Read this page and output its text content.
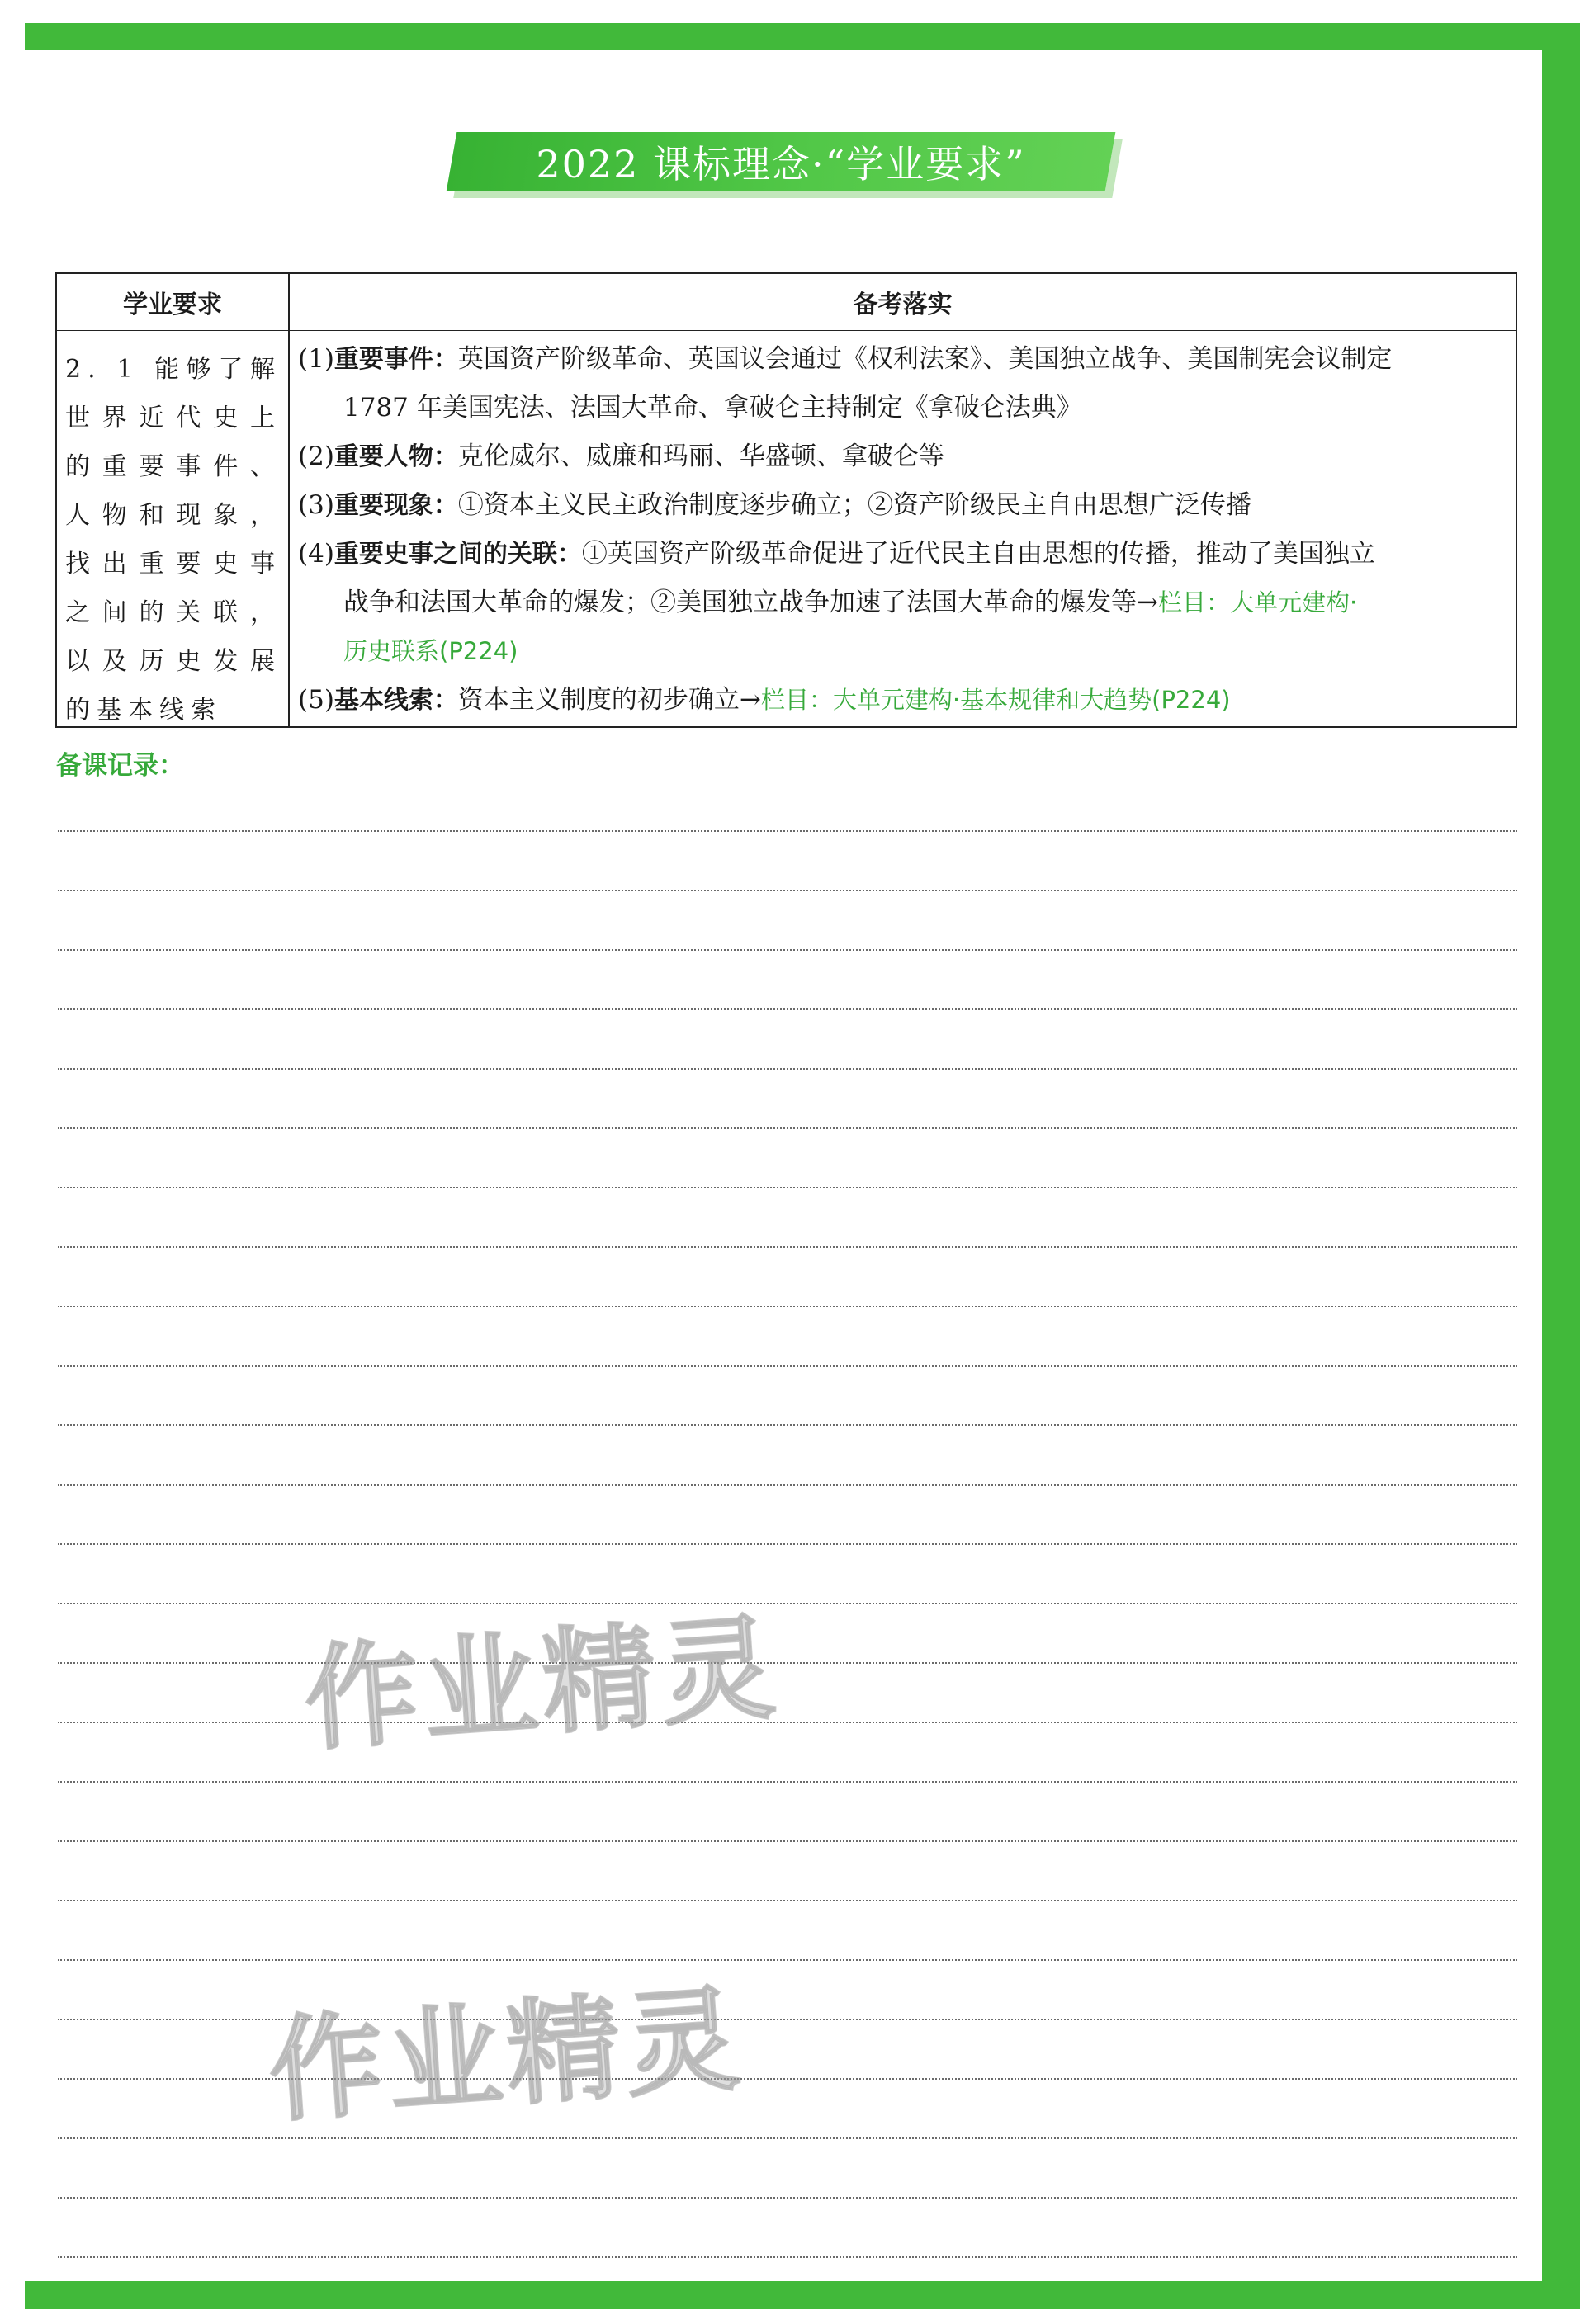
2022 课标理念·“学业要求”
学业要求	备考落实
2. 1 能够了解世界近代史上的重要事件、人物和现象，找出重要史事之间的关联，以及历史发展的基本线索
(1)重要事件：英国资产阶级革命、英国议会通过《权利法案》、美国独立战争、美国制宪会议制定
1787 年美国宪法、法国大革命、拿破仑主持制定《拿破仑法典》
(2)重要人物：克伦威尔、威廉和玛丽、华盛顿、拿破仑等
(3)重要现象：①资本主义民主政治制度逐步确立；②资产阶级民主自由思想广泛传播
(4)重要史事之间的关联：①英国资产阶级革命促进了近代民主自由思想的传播，推动了美国独立
战争和法国大革命的爆发；②美国独立战争加速了法国大革命的爆发等→栏目：大单元建构·
历史联系(P224)
(5)基本线索：资本主义制度的初步确立→栏目：大单元建构·基本规律和大趋势(P224)
备课记录：
作业精灵
作业精灵
